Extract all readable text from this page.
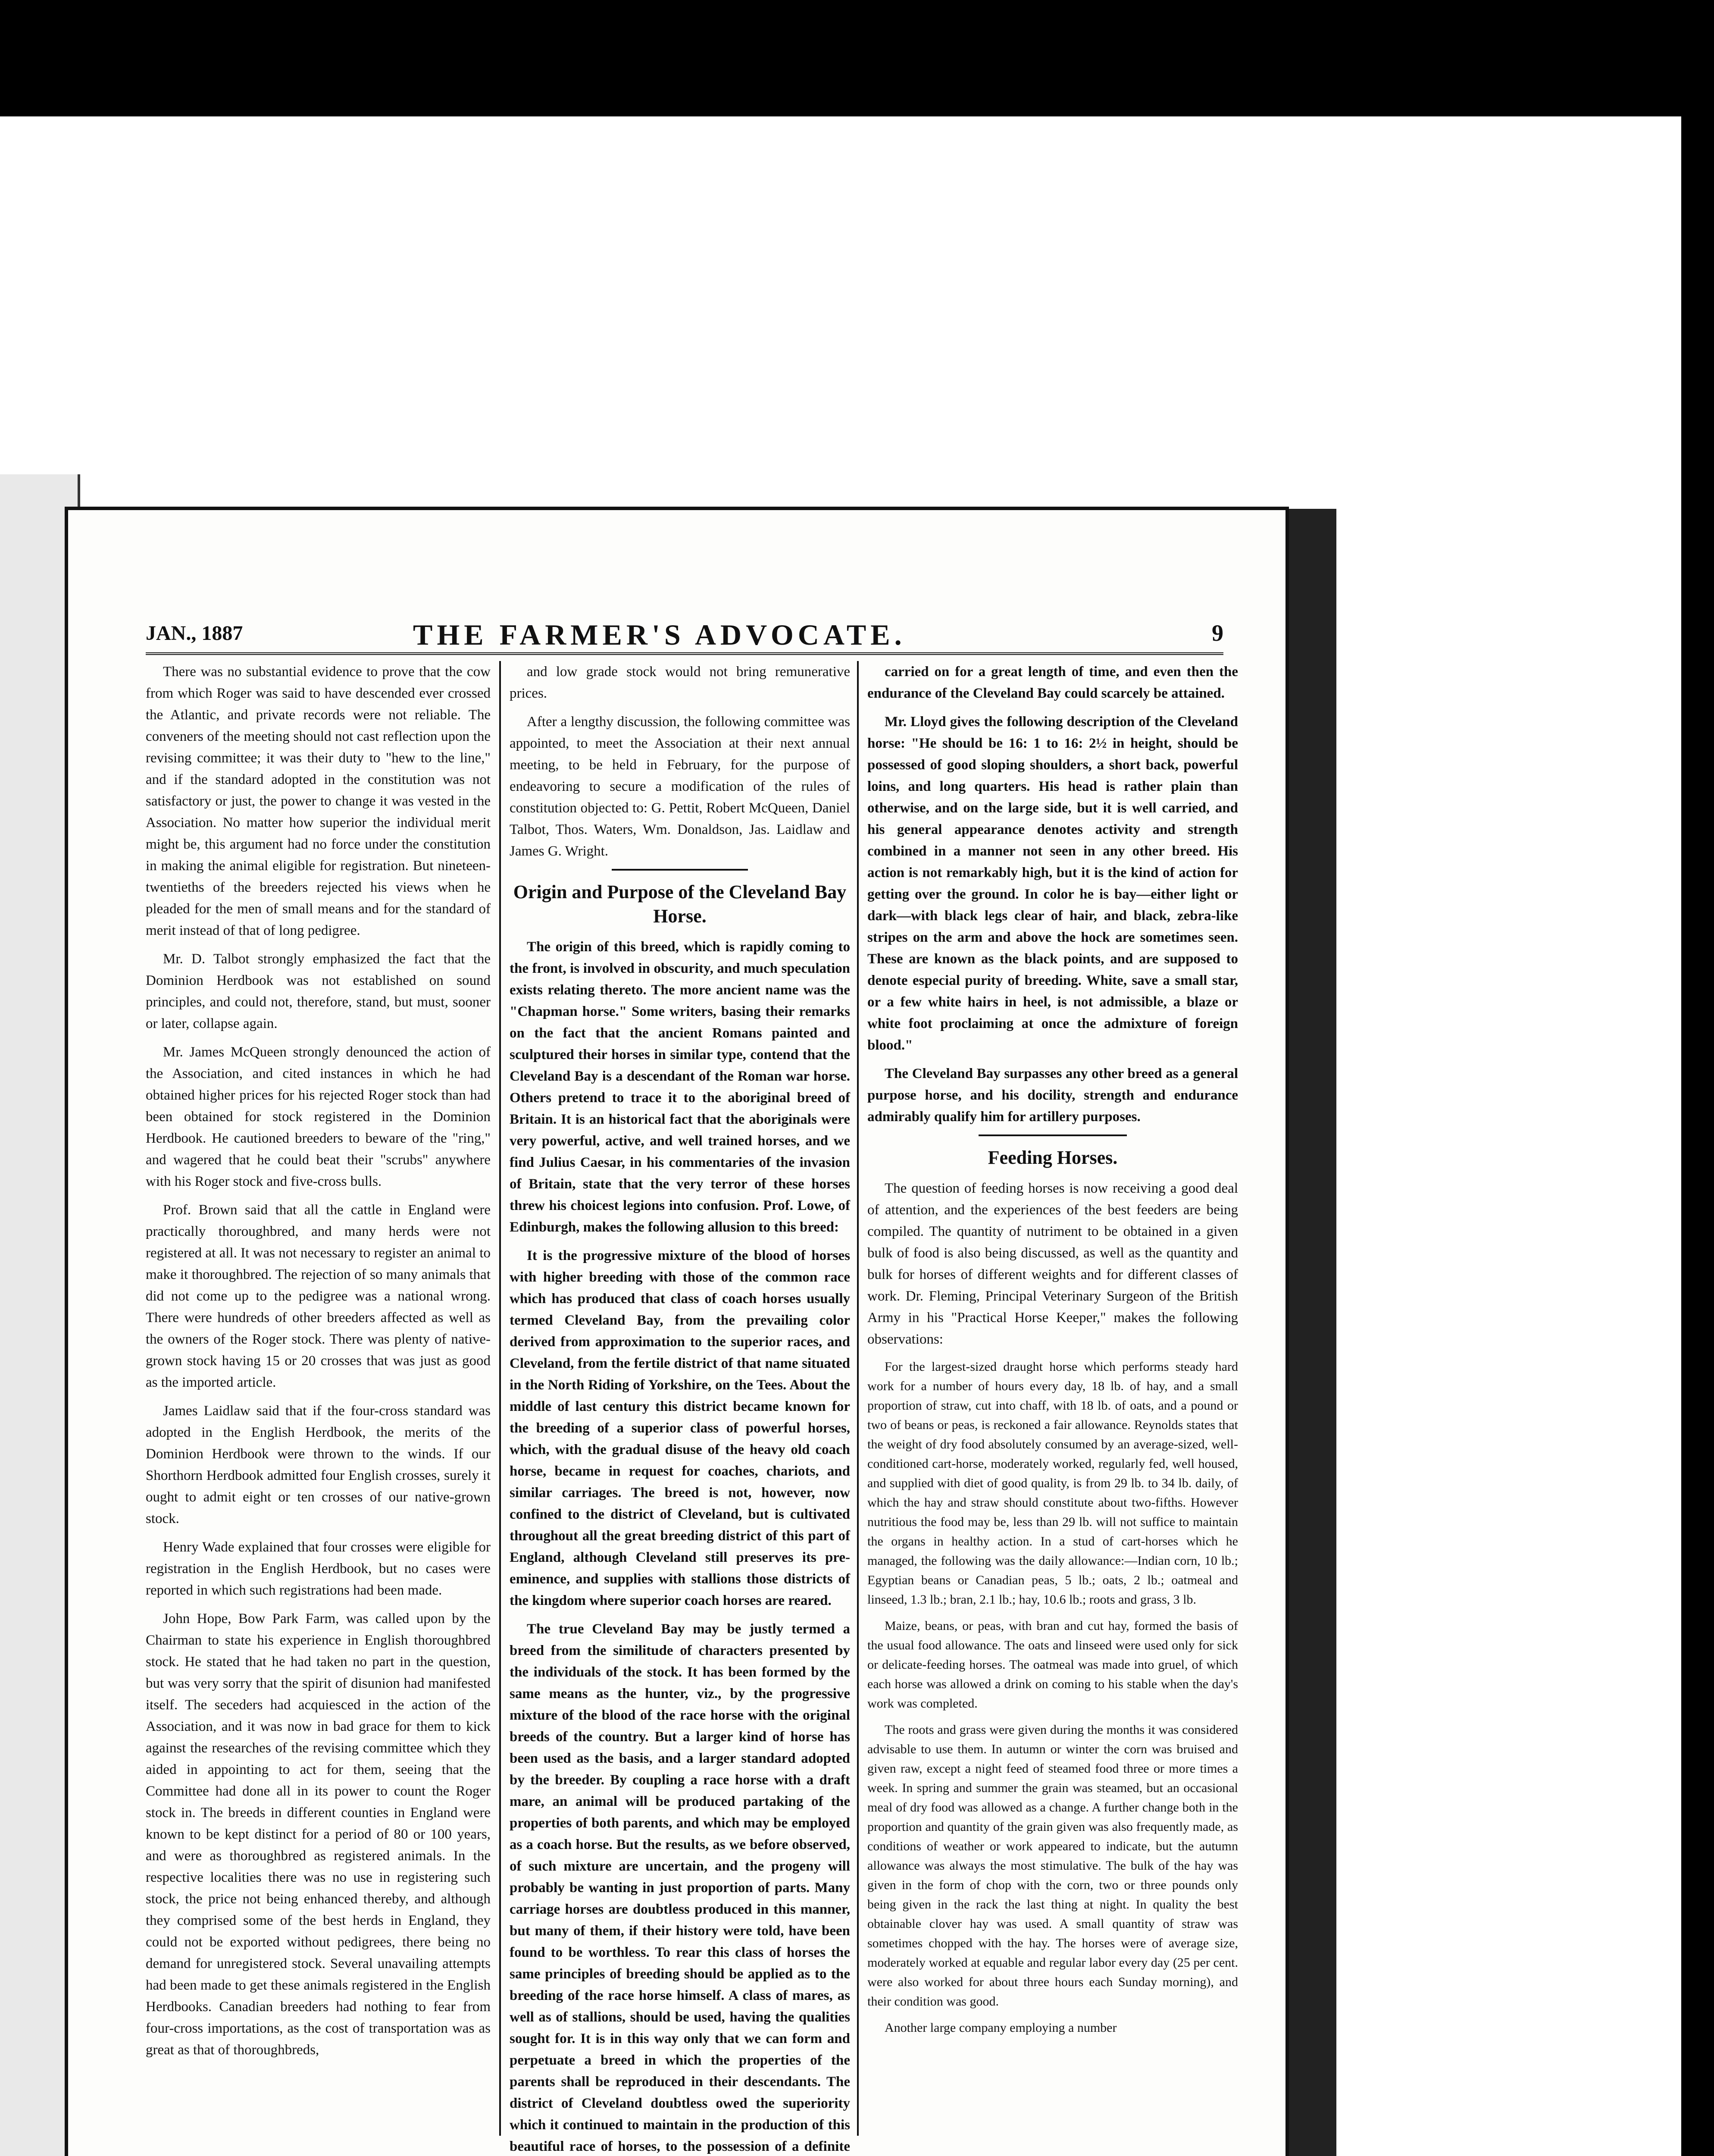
JAN., 1887	THE FARMER'S ADVOCATE.	9

There was no substantial evidence to prove that the cow from which Roger was said to have descended ever crossed the Atlantic, and private records were not reliable. The conveners of the meeting should not cast reflection upon the revising committee; it was their duty to "hew to the line," and if the standard adopted in the constitution was not satisfactory or just, the power to change it was vested in the Association. No matter how superior the individual merit might be, this argument had no force under the constitution in making the animal eligible for registration. But nineteen-twentieths of the breeders rejected his views when he pleaded for the men of small means and for the standard of merit instead of that of long pedigree.

Mr. D. Talbot strongly emphasized the fact that the Dominion Herdbook was not established on sound principles, and could not, therefore, stand, but must, sooner or later, collapse again.

Mr. James McQueen strongly denounced the action of the Association, and cited instances in which he had obtained higher prices for his rejected Roger stock than had been obtained for stock registered in the Dominion Herdbook. He cautioned breeders to beware of the "ring," and wagered that he could beat their "scrubs" anywhere with his Roger stock and five-cross bulls.

Prof. Brown said that all the cattle in England were practically thoroughbred, and many herds were not registered at all. It was not necessary to register an animal to make it thoroughbred. The rejection of so many animals that did not come up to the pedigree was a national wrong. There were hundreds of other breeders affected as well as the owners of the Roger stock. There was plenty of native-grown stock having 15 or 20 crosses that was just as good as the imported article.

James Laidlaw said that if the four-cross standard was adopted in the English Herdbook, the merits of the Dominion Herdbook were thrown to the winds. If our Shorthorn Herdbook admitted four English crosses, surely it ought to admit eight or ten crosses of our native-grown stock.

Henry Wade explained that four crosses were eligible for registration in the English Herdbook, but no cases were reported in which such registrations had been made.

John Hope, Bow Park Farm, was called upon by the Chairman to state his experience in English thoroughbred stock. He stated that he had taken no part in the question, but was very sorry that the spirit of disunion had manifested itself. The seceders had acquiesced in the action of the Association, and it was now in bad grace for them to kick against the researches of the revising committee which they aided in appointing to act for them, seeing that the Committee had done all in its power to count the Roger stock in. The breeds in different counties in England were known to be kept distinct for a period of 80 or 100 years, and were as thoroughbred as registered animals. In the respective localities there was no use in registering such stock, the price not being enhanced thereby, and although they comprised some of the best herds in England, they could not be exported without pedigrees, there being no demand for unregistered stock. Several unavailing attempts had been made to get these animals registered in the English Herdbooks. Canadian breeders had nothing to fear from four-cross importations, as the cost of transportation was as great as that of thoroughbreds,

and low grade stock would not bring remunerative prices.

After a lengthy discussion, the following committee was appointed, to meet the Association at their next annual meeting, to be held in February, for the purpose of endeavoring to secure a modification of the rules of constitution objected to: G. Pettit, Robert McQueen, Daniel Talbot, Thos. Waters, Wm. Donaldson, Jas. Laidlaw and James G. Wright.

Origin and Purpose of the Cleveland Bay Horse.

The origin of this breed, which is rapidly coming to the front, is involved in obscurity, and much speculation exists relating thereto. The more ancient name was the "Chapman horse." Some writers, basing their remarks on the fact that the ancient Romans painted and sculptured their horses in similar type, contend that the Cleveland Bay is a descendant of the Roman war horse. Others pretend to trace it to the aboriginal breed of Britain. It is an historical fact that the aboriginals were very powerful, active, and well trained horses, and we find Julius Caesar, in his commentaries of the invasion of Britain, state that the very terror of these horses threw his choicest legions into confusion. Prof. Lowe, of Edinburgh, makes the following allusion to this breed:

It is the progressive mixture of the blood of horses with higher breeding with those of the common race which has produced that class of coach horses usually termed Cleveland Bay, from the prevailing color derived from approximation to the superior races, and Cleveland, from the fertile district of that name situated in the North Riding of Yorkshire, on the Tees. About the middle of last century this district became known for the breeding of a superior class of powerful horses, which, with the gradual disuse of the heavy old coach horse, became in request for coaches, chariots, and similar carriages. The breed is not, however, now confined to the district of Cleveland, but is cultivated throughout all the great breeding district of this part of England, although Cleveland still preserves its pre-eminence, and supplies with stallions those districts of the kingdom where superior coach horses are reared.

The true Cleveland Bay may be justly termed a breed from the similitude of characters presented by the individuals of the stock. It has been formed by the same means as the hunter, viz., by the progressive mixture of the blood of the race horse with the original breeds of the country. But a larger kind of horse has been used as the basis, and a larger standard adopted by the breeder. By coupling a race horse with a draft mare, an animal will be produced partaking of the properties of both parents, and which may be employed as a coach horse. But the results, as we before observed, of such mixture are uncertain, and the progeny will probably be wanting in just proportion of parts. Many carriage horses are doubtless produced in this manner, but many of them, if their history were told, have been found to be worthless. To rear this class of horses the same principles of breeding should be applied as to the breeding of the race horse himself. A class of mares, as well as of stallions, should be used, having the qualities sought for. It is in this way only that we can form and perpetuate a breed in which the properties of the parents shall be reproduced in their descendants. The district of Cleveland doubtless owed the superiority which it continued to maintain in the production of this beautiful race of horses, to the possession of a definite

carried on for a great length of time, and even then the endurance of the Cleveland Bay could scarcely be attained.

Mr. Lloyd gives the following description of the Cleveland horse: "He should be 16: 1 to 16: 2½ in height, should be possessed of good sloping shoulders, a short back, powerful loins, and long quarters. His head is rather plain than otherwise, and on the large side, but it is well carried, and his general appearance denotes activity and strength combined in a manner not seen in any other breed. His action is not remarkably high, but it is the kind of action for getting over the ground. In color he is bay—either light or dark—with black legs clear of hair, and black, zebra-like stripes on the arm and above the hock are sometimes seen. These are known as the black points, and are supposed to denote especial purity of breeding. White, save a small star, or a few white hairs in heel, is not admissible, a blaze or white foot proclaiming at once the admixture of foreign blood."

The Cleveland Bay surpasses any other breed as a general purpose horse, and his docility, strength and endurance admirably qualify him for artillery purposes.

Feeding Horses.

The question of feeding horses is now receiving a good deal of attention, and the experiences of the best feeders are being compiled. The quantity of nutriment to be obtained in a given bulk of food is also being discussed, as well as the quantity and bulk for horses of different weights and for different classes of work. Dr. Fleming, Principal Veterinary Surgeon of the British Army in his "Practical Horse Keeper," makes the following observations:

For the largest-sized draught horse which performs steady hard work for a number of hours every day, 18 lb. of hay, and a small proportion of straw, cut into chaff, with 18 lb. of oats, and a pound or two of beans or peas, is reckoned a fair allowance. Reynolds states that the weight of dry food absolutely consumed by an average-sized, well-conditioned cart-horse, moderately worked, regularly fed, well housed, and supplied with diet of good quality, is from 29 lb. to 34 lb. daily, of which the hay and straw should constitute about two-fifths. However nutritious the food may be, less than 29 lb. will not suffice to maintain the organs in healthy action. In a stud of cart-horses which he managed, the following was the daily allowance:—Indian corn, 10 lb.; Egyptian beans or Canadian peas, 5 lb.; oats, 2 lb.; oatmeal and linseed, 1.3 lb.; bran, 2.1 lb.; hay, 10.6 lb.; roots and grass, 3 lb.

Maize, beans, or peas, with bran and cut hay, formed the basis of the usual food allowance. The oats and linseed were used only for sick or delicate-feeding horses. The oatmeal was made into gruel, of which each horse was allowed a drink on coming to his stable when the day's work was completed.

The roots and grass were given during the months it was considered advisable to use them. In autumn or winter the corn was bruised and given raw, except a night feed of steamed food three or more times a week. In spring and summer the grain was steamed, but an occasional meal of dry food was allowed as a change. A further change both in the proportion and quantity of the grain given was also frequently made, as conditions of weather or work appeared to indicate, but the autumn allowance was always the most stimulative. The bulk of the hay was given in the form of chop with the corn, two or three pounds only being given in the rack the last thing at night. In quality the best obtainable clover hay was used. A small quantity of straw was sometimes chopped with the hay. The horses were of average size, moderately worked at equable and regular labor every day (25 per cent. were also worked for about three hours each Sunday morning), and their condition was good.

Another large company employing a number
